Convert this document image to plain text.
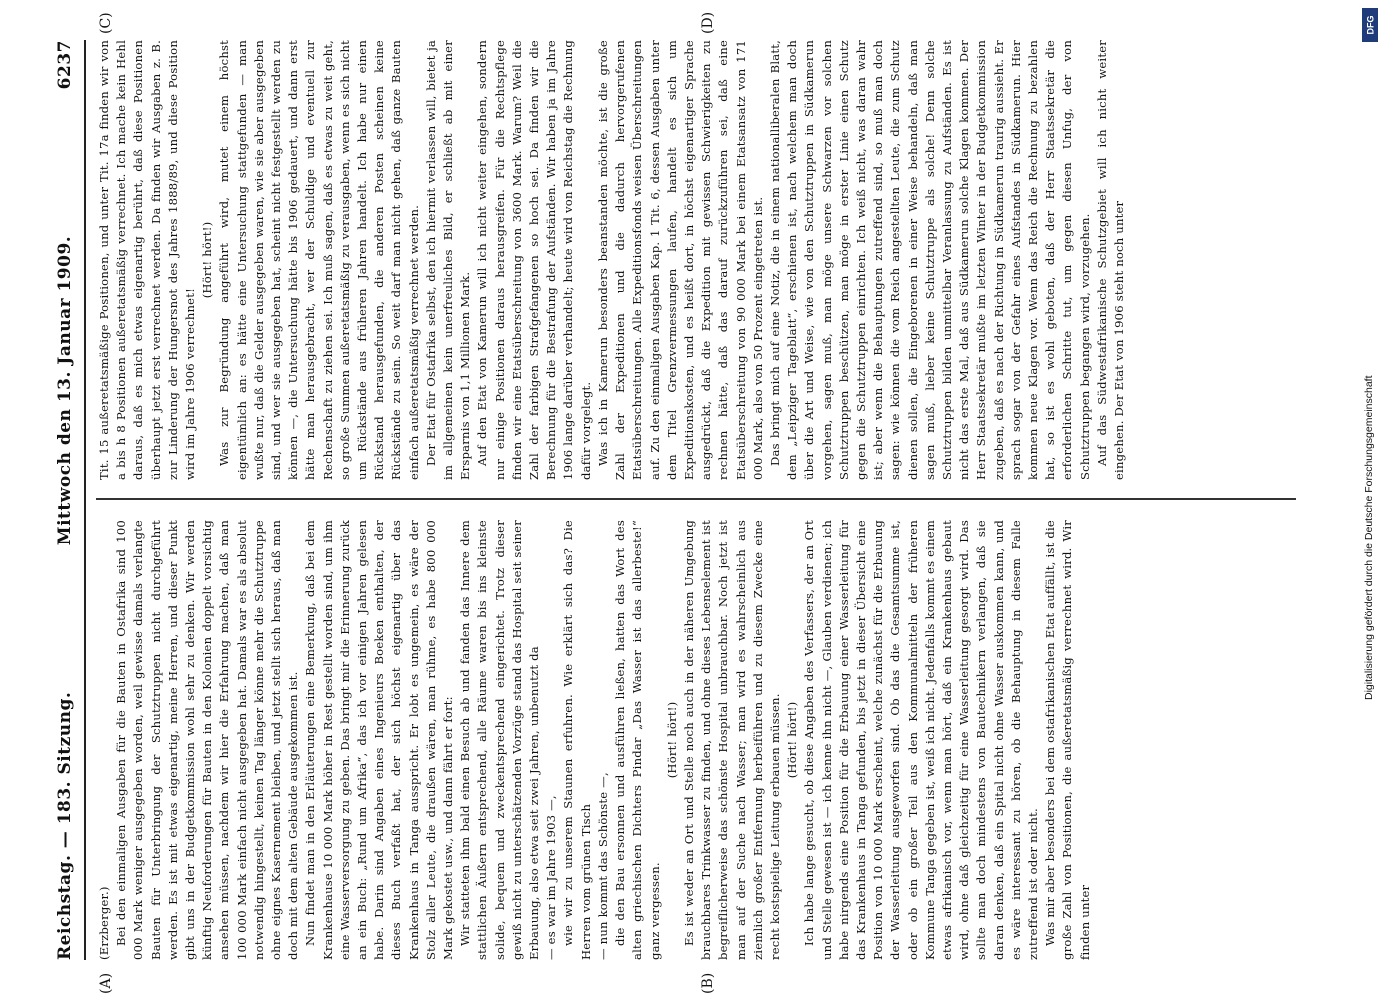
Reichstag. — 183. Sitzung.
Mittwoch den 13. Januar 1909.
6237
(A)	(B)
(C)	(D)

(Erzberger.) Bei den einmaligen Ausgaben für die Bauten in Ostafrika sind 100 000 Mark weniger ausgegeben worden, weil gewisse damals verlangte Bauten für Unterbringung der Schutztruppen nicht durchgeführt werden. Es ist mit etwas eigenartig, meine Herren, und dieser Punkt gibt uns in der Budgetkommission wohl sehr zu denken. Wir werden künftig Neuforderungen für Bauten in den Kolonien doppelt vorsichtig ansehen müssen, nachdem wir hier die Erfahrung machen, daß man 100 000 Mark einfach nicht ausgegeben hat. Damals war es als absolut notwendig hingestellt, keinen Tag länger könne mehr die Schutztruppe ohne eignes Kasernement bleiben, und jetzt stellt sich heraus, daß man doch mit dem alten Gebäude ausgekommen ist. Nun findet man in den Erläuterungen eine Bemerkung, daß bei dem Krankenhause 10 000 Mark höher in Rest gestellt worden sind, um ihm eine Wasserversorgung zu geben. Das bringt mir die Erinnerung zurück an ein Buch: „Rund um Afrika“, das ich vor einigen Jahren gelesen habe. Darin sind Angaben eines Ingenieurs Boeken enthalten, der dieses Buch verfaßt hat, der sich höchst eigenartig über das Krankenhaus in Tanga ausspricht. Er lobt es ungemein, es wäre der Stolz aller Leute, die draußen wären, man rühme, es habe 800 000 Mark gekostet usw., und dann fährt er fort: Wir statteten ihm bald einen Besuch ab und fanden das Innere dem stattlichen Äußern entsprechend, alle Räume waren bis ins kleinste solide, bequem und zweckentsprechend eingerichtet. Trotz dieser gewiß nicht zu unterschätzenden Vorzüge stand das Hospital seit seiner Erbauung, also etwa seit zwei Jahren, unbenutzt da — es war im Jahre 1903 —, wie wir zu unserem Staunen erfuhren. Wie erklärt sich das? Die Herren vom grünen Tisch — nun kommt das Schönste —, die den Bau ersonnen und ausführen ließen, hatten das Wort des alten griechischen Dichters Pindar „Das Wasser ist das allerbeste!“ ganz vergessen.

(Hört! hört!) Es ist weder an Ort und Stelle noch auch in der näheren Umgebung brauchbares Trinkwasser zu finden, und ohne dieses Lebenselement ist begreiflicherweise das schönste Hospital unbrauchbar. Noch jetzt ist man auf der Suche nach Wasser; man wird es wahrscheinlich aus ziemlich großer Entfernung herbeiführen und zu diesem Zwecke eine recht kostspielige Leitung erbauen müssen. (Hört! hört!) Ich habe lange gesucht, ob diese Angaben des Verfassers, der an Ort und Stelle gewesen ist — ich kenne ihn nicht —, Glauben verdienen; ich habe nirgends eine Position für die Erbauung einer Wasserleitung für das Krankenhaus in Tanga gefunden, bis jetzt in dieser Übersicht eine Position von 10 000 Mark erscheint, welche zunächst für die Erbauung der Wasserleitung ausgeworfen sind. Ob das die Gesamtsumme ist, oder ob ein großer Teil aus den Kommunalmitteln der früheren Kommune Tanga gegeben ist, weiß ich nicht. Jedenfalls kommt es einem etwas afrikanisch vor, wenn man hört, daß ein Krankenhaus gebaut wird, ohne daß gleichzeitig für eine Wasserleitung gesorgt wird. Das sollte man doch mindestens von Bautechnikern verlangen, daß sie daran denken, daß ein Spital nicht ohne Wasser auskommen kann, und es wäre interessant zu hören, ob die Behauptung in diesem Falle zutreffend ist oder nicht. Was mir aber besonders bei dem ostafrikanischen Etat auffällt, ist die große Zahl von Positionen, die außeretatsmäßig verrechnet wird. Wir finden unter

Tit. 15 außeretatsmäßige Positionen, und unter Tit. 17a finden wir von a bis h 8 Positionen außeretatsmäßig verrechnet. Ich mache kein Hehl daraus, daß es mich etwas eigenartig berührt, daß diese Positionen überhaupt jetzt erst verrechnet werden. Da finden wir Ausgaben z. B. zur Linderung der Hungersnot des Jahres 1888/89, und diese Position wird im Jahre 1906 verrechnet!

(Hört! hört!) Was zur Begründung angeführt wird, mutet einem höchst eigentümlich an: es hätte eine Untersuchung stattgefunden — man wußte nur, daß die Gelder ausgegeben waren, wie sie aber ausgegeben sind, und wer sie ausgegeben hat, scheint nicht festgestellt werden zu können —, die Untersuchung hätte bis 1906 gedauert, und dann erst hätte man herausgebracht, wer der Schuldige und eventuell zur Rechenschaft zu ziehen sei. Ich muß sagen, daß es etwas zu weit geht, so große Summen außeretatsmäßig zu verausgaben, wenn es sich nicht um Rückstände aus früheren Jahren handelt. Ich habe nur einen Rückstand herausgefunden, die anderen Posten scheinen keine Rückstände zu sein. So weit darf man nicht gehen, daß ganze Bauten einfach außeretatsmäßig verrechnet werden. Der Etat für Ostafrika selbst, den ich hiermit verlassen will, bietet ja im allgemeinen kein unerfreuliches Bild, er schließt ab mit einer Ersparnis von 1,1 Millionen Mark. Auf den Etat von Kamerun will ich nicht weiter eingehen, sondern nur einige Positionen daraus herausgreifen. Für die Rechtspflege finden wir eine Etatsüberschreitung von 3600 Mark. Warum? Weil die Zahl der farbigen Strafgefangenen so hoch sei. Da finden wir die Berechnung für die Bestrafung der Aufständen. Wir haben ja im Jahre 1906 lange darüber verhandelt; heute wird von Reichstag die Rechnung dafür vorgelegt. Was ich in Kamerun besonders beanstanden möchte, ist die große Zahl der Expeditionen und die dadurch hervorgerufenen Etatsüberschreitungen. Alle Expeditionsfonds weisen Überschreitungen auf. Zu den einmaligen Ausgaben Kap. 1 Tit. 6, dessen Ausgaben unter dem Titel Grenzvermessungen laufen, handelt es sich um Expeditionskosten, und es heißt dort, in höchst eigenartiger Sprache ausgedrückt, daß die Expedition mit gewissen Schwierigkeiten zu rechnen hätte, daß das darauf zurückzuführen sei, daß eine Etatsüberschreitung von 90 000 Mark bei einem Etatsansatz von 171 000 Mark, also von 50 Prozent eingetreten ist. Das bringt mich auf eine Notiz, die in einem nationalliberalen Blatt, dem „Leipziger Tageblatt“, erschienen ist, nach welchem man doch über die Art und Weise, wie von den Schutztruppen in Südkamerun vorgehen, sagen muß, man möge unsere Schwarzen vor solchen Schutztruppen beschützen, man möge in erster Linie einen Schutz gegen die Schutztruppen einrichten. Ich weiß nicht, was daran wahr ist; aber wenn die Behauptungen zutreffend sind, so muß man doch sagen: wie können die vom Reich angestellten Leute, die zum Schutz dienen sollen, die Eingeborenen in einer Weise behandeln, daß man sagen muß, lieber keine Schutztruppe als solche! Denn solche Schutztruppen bilden unmittelbar Veranlassung zu Aufständen. Es ist nicht das erste Mal, daß aus Südkamerun solche Klagen kommen. Der Herr Staatssekretär mußte im letzten Winter in der Budgetkommission zugeben, daß es nach der Richtung in Südkamerun traurig aussieht. Er sprach sogar von der Gefahr eines Aufstandes in Südkamerun. Hier kommen neue Klagen vor. Wenn das Reich die Rechnung zu bezahlen hat, so ist es wohl geboten, daß der Herr Staatssekretär die erforderlichen Schritte tut, um gegen diesen Unfug, der von Schutztruppen begangen wird, vorzugehen. Auf das Südwestafrikanische Schutzgebiet will ich nicht weiter eingehen. Der Etat von 1906 steht noch unter

DFG
Digitalisierung gefördert durch die Deutsche Forschungsgemeinschaft
